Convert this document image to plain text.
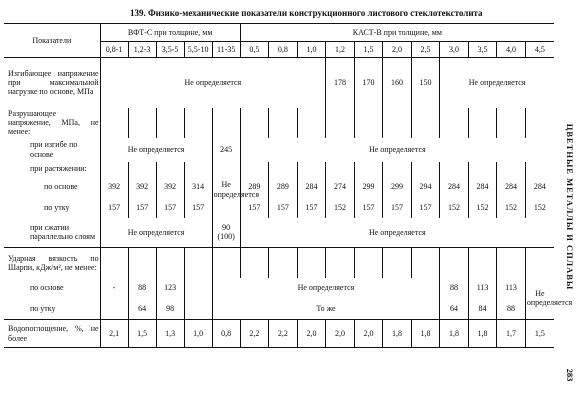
139. Физико-механические показатели конструкционного листового стеклотекстолита
ЦВЕТНЫЕ МЕТАЛЛЫ И СПЛАВЫ
283
Показатели	ВФТ-С при толщине, мм					КАСТ-В при толщине, мм										
	0,8-1	1,2-3	3,5-5	5,5-10	11-35	0,5	0,8	1,0	1,2	1,5	2,0	2,5	3,0	3,5	4,0	4,5
Изгибающее напряжение при максимальной нагрузке по основе, МПа	Не определяется								178	170	160	150	Не определяется			
Разрушающее напряжение, МПа, не менее:																
при изгибе по основе	Не определяется				245	Не определяется										
при растяжении:					Не определяется											
по основе	392	392	392	314		289	289	284	274	299	299	294	284	284	284	284
по утку	157	157	157	157		157	157	157	152	157	157	157	152	152	152	152
при сжатии параллельно слоям	Не определяется				90 (100)	Не определяется										
Ударная вязкость по Шарпи, кДж/м², не менее:																
по основе	-	88	123		Не определяется								88	113	113	Не определяется
по утку		64	98		То же								64	84	88	
Водопоглощение, %, не более	2,1	1,5	1,3	1,0	0,8	2,2	2,2	2,0	2,0	2,0	1,8	1,8	1,8	1,8	1,7	1,5
